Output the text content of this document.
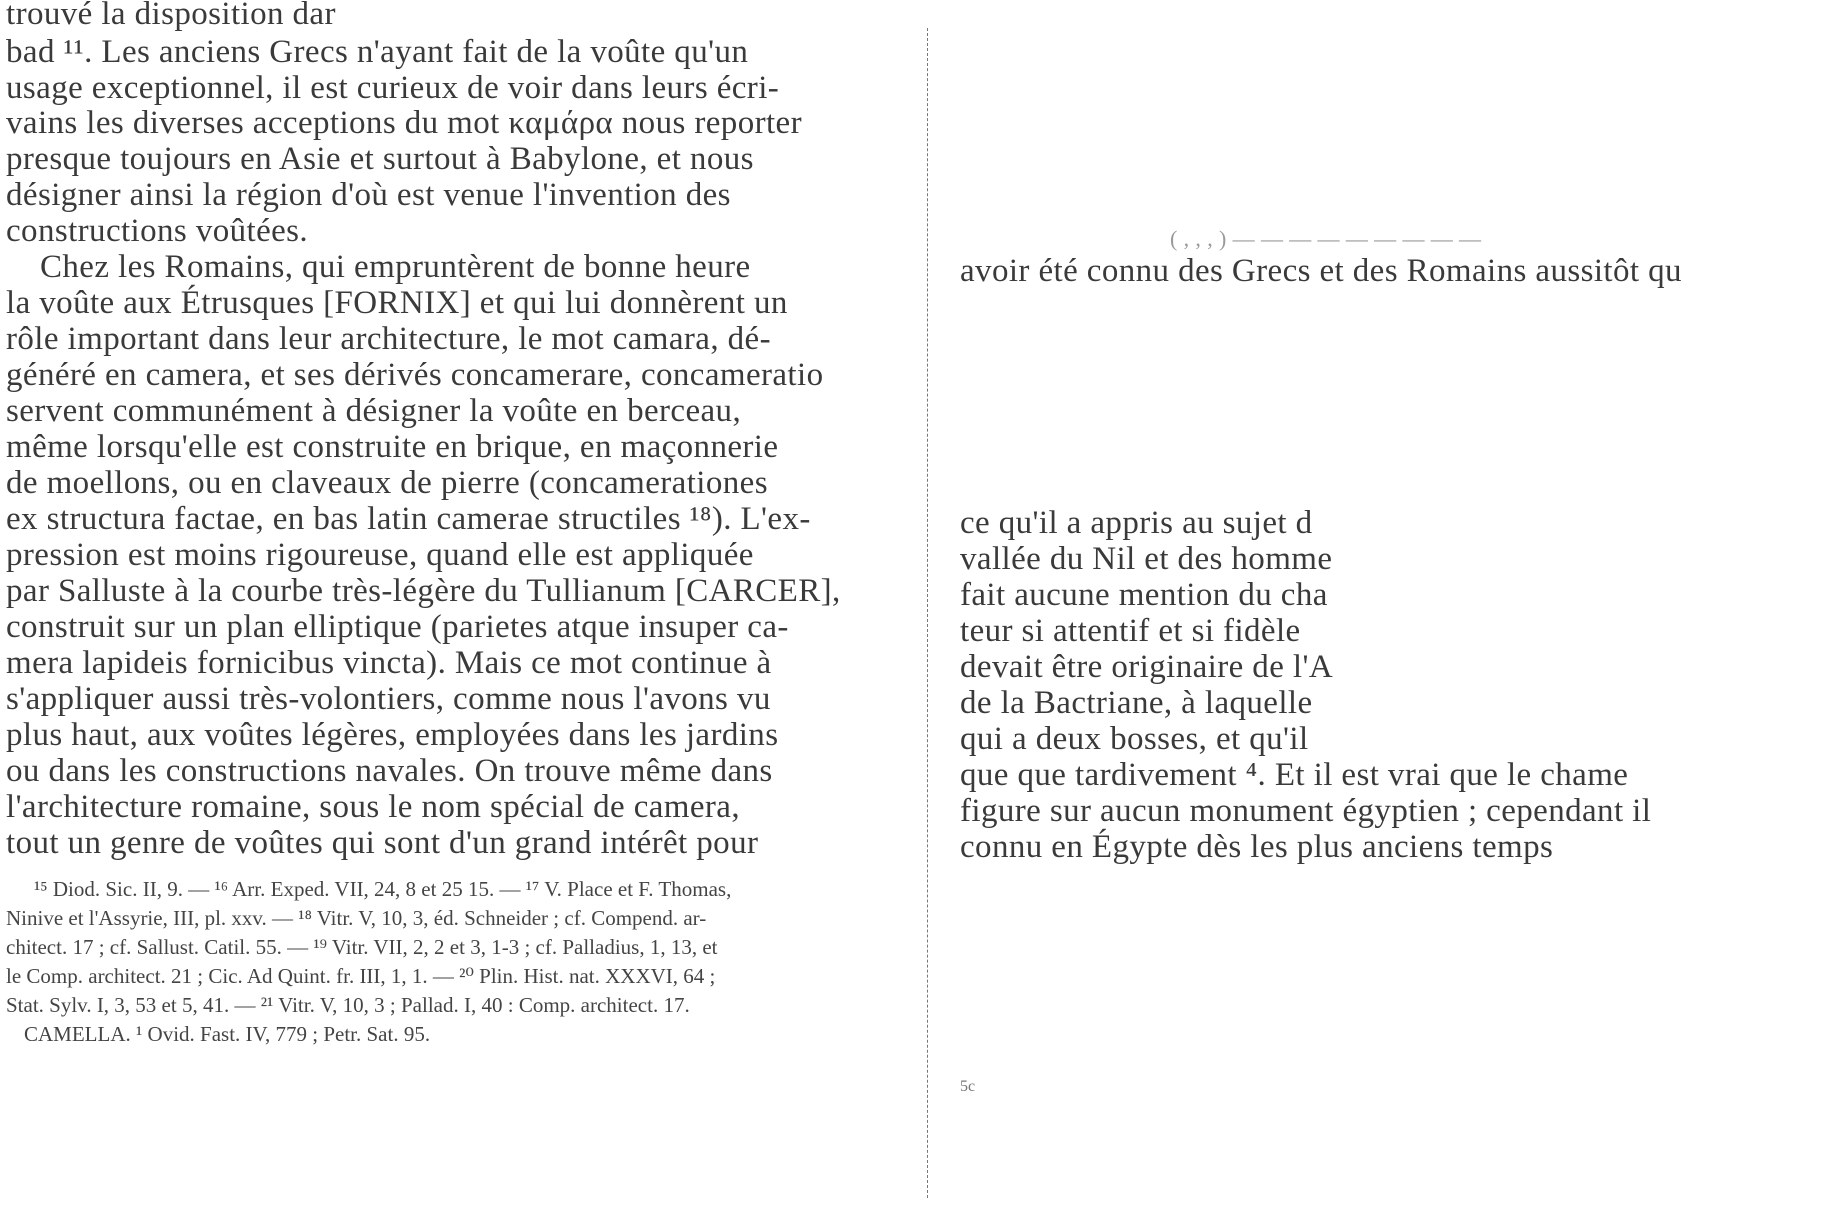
trouvé la disposition dar
bad ¹¹. Les anciens Grecs n'ayant fait de la voûte qu'un
usage exceptionnel, il est curieux de voir dans leurs écri-
vains les diverses acceptions du mot καμάρα nous reporter
presque toujours en Asie et surtout à Babylone, et nous
désigner ainsi la région d'où est venue l'invention des
constructions voûtées.
Chez les Romains, qui empruntèrent de bonne heure
la voûte aux Étrusques [FORNIX] et qui lui donnèrent un
rôle important dans leur architecture, le mot camara, dé-
généré en camera, et ses dérivés concamerare, concameratio
servent communément à désigner la voûte en berceau,
même lorsqu'elle est construite en brique, en maçonnerie
de moellons, ou en claveaux de pierre (concamerationes
ex structura factae, en bas latin camerae structiles ¹⁸). L'ex-
pression est moins rigoureuse, quand elle est appliquée
par Salluste à la courbe très-légère du Tullianum [CARCER],
construit sur un plan elliptique (parietes atque insuper ca-
mera lapideis fornicibus vincta). Mais ce mot continue à
s'appliquer aussi très-volontiers, comme nous l'avons vu
plus haut, aux voûtes légères, employées dans les jardins
ou dans les constructions navales. On trouve même dans
l'architecture romaine, sous le nom spécial de camera,
tout un genre de voûtes qui sont d'un grand intérêt pour
¹⁵ Diod. Sic. II, 9. — ¹⁶ Arr. Exped. VII, 24, 8 et 25 15. — ¹⁷ V. Place et F. Thomas,
Ninive et l'Assyrie, III, pl. xxv. — ¹⁸ Vitr. V, 10, 3, éd. Schneider ; cf. Compend. ar-
chitect. 17 ; cf. Sallust. Catil. 55. — ¹⁹ Vitr. VII, 2, 2 et 3, 1-3 ; cf. Palladius, 1, 13, et
le Comp. architect. 21 ; Cic. Ad Quint. fr. III, 1, 1. — ²⁰ Plin. Hist. nat. XXXVI, 64 ;
Stat. Sylv. I, 3, 53 et 5, 41. — ²¹ Vitr. V, 10, 3 ; Pallad. I, 40 : Comp. architect. 17.
CAMELLA. ¹ Ovid. Fast. IV, 779 ; Petr. Sat. 95.
( , , , ) — — — — — — — — —
avoir été connu des Grecs et des Romains aussitôt qu
ce qu'il a appris au sujet d
vallée du Nil et des homme
fait aucune mention du cha
teur si attentif et si fidèle
devait être originaire de l'A
de la Bactriane, à laquelle
qui a deux bosses, et qu'il
que que tardivement ⁴. Et il est vrai que le chame
figure sur aucun monument égyptien ; cependant il
connu en Égypte dès les plus anciens temps
5c
